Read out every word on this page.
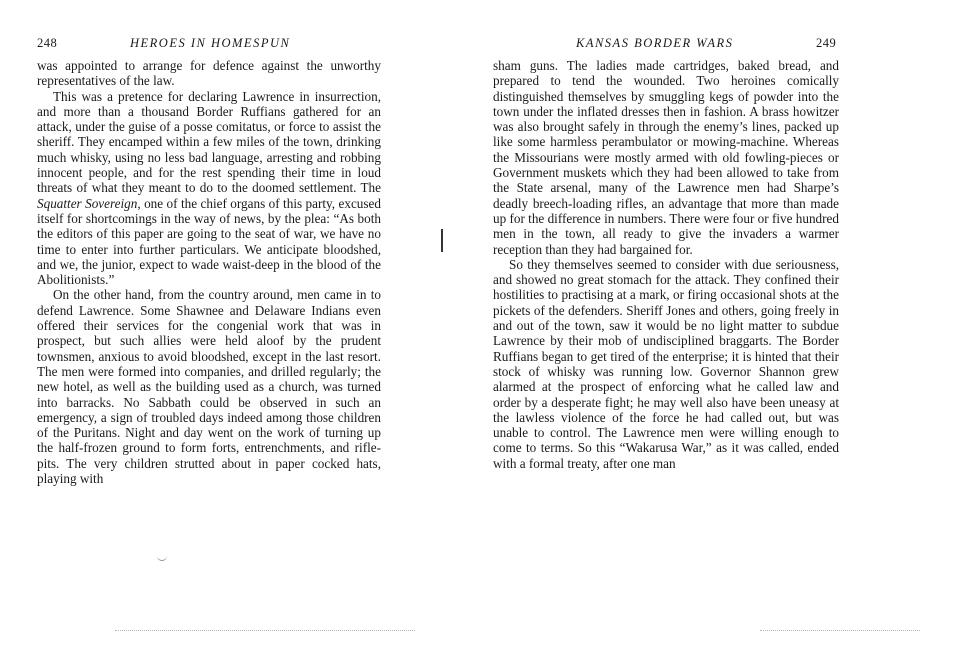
248	HEROES IN HOMESPUN

was appointed to arrange for defence against the unworthy representatives of the law.

This was a pretence for declaring Lawrence in insurrection, and more than a thousand Border Ruffians gathered for an attack, under the guise of a posse comitatus, or force to assist the sheriff. They encamped within a few miles of the town, drinking much whisky, using no less bad language, arresting and robbing innocent people, and for the rest spending their time in loud threats of what they meant to do to the doomed settlement. The Squatter Sovereign, one of the chief organs of this party, excused itself for shortcomings in the way of news, by the plea: “As both the editors of this paper are going to the seat of war, we have no time to enter into further particulars. We anticipate bloodshed, and we, the junior, expect to wade waist-deep in the blood of the Abolitionists.”

On the other hand, from the country around, men came in to defend Lawrence. Some Shawnee and Delaware Indians even offered their services for the congenial work that was in prospect, but such allies were held aloof by the prudent townsmen, anxious to avoid bloodshed, except in the last resort. The men were formed into companies, and drilled regularly; the new hotel, as well as the building used as a church, was turned into barracks. No Sabbath could be observed in such an emergency, a sign of troubled days indeed among those children of the Puritans. Night and day went on the work of turning up the half-frozen ground to form forts, entrenchments, and rifle-pits. The very children strutted about in paper cocked hats, playing with

KANSAS BORDER WARS	249

sham guns. The ladies made cartridges, baked bread, and prepared to tend the wounded. Two heroines comically distinguished themselves by smuggling kegs of powder into the town under the inflated dresses then in fashion. A brass howitzer was also brought safely in through the enemy’s lines, packed up like some harmless perambulator or mowing-machine. Whereas the Missourians were mostly armed with old fowling-pieces or Government muskets which they had been allowed to take from the State arsenal, many of the Lawrence men had Sharpe’s deadly breech-loading rifles, an advantage that more than made up for the difference in numbers. There were four or five hundred men in the town, all ready to give the invaders a warmer reception than they had bargained for.

So they themselves seemed to consider with due seriousness, and showed no great stomach for the attack. They confined their hostilities to practising at a mark, or firing occasional shots at the pickets of the defenders. Sheriff Jones and others, going freely in and out of the town, saw it would be no light matter to subdue Lawrence by their mob of undisciplined braggarts. The Border Ruffians began to get tired of the enterprise; it is hinted that their stock of whisky was running low. Governor Shannon grew alarmed at the prospect of enforcing what he called law and order by a desperate fight; he may well also have been uneasy at the lawless violence of the force he had called out, but was unable to control. The Lawrence men were willing enough to come to terms. So this “Wakarusa War,” as it was called, ended with a formal treaty, after one man
